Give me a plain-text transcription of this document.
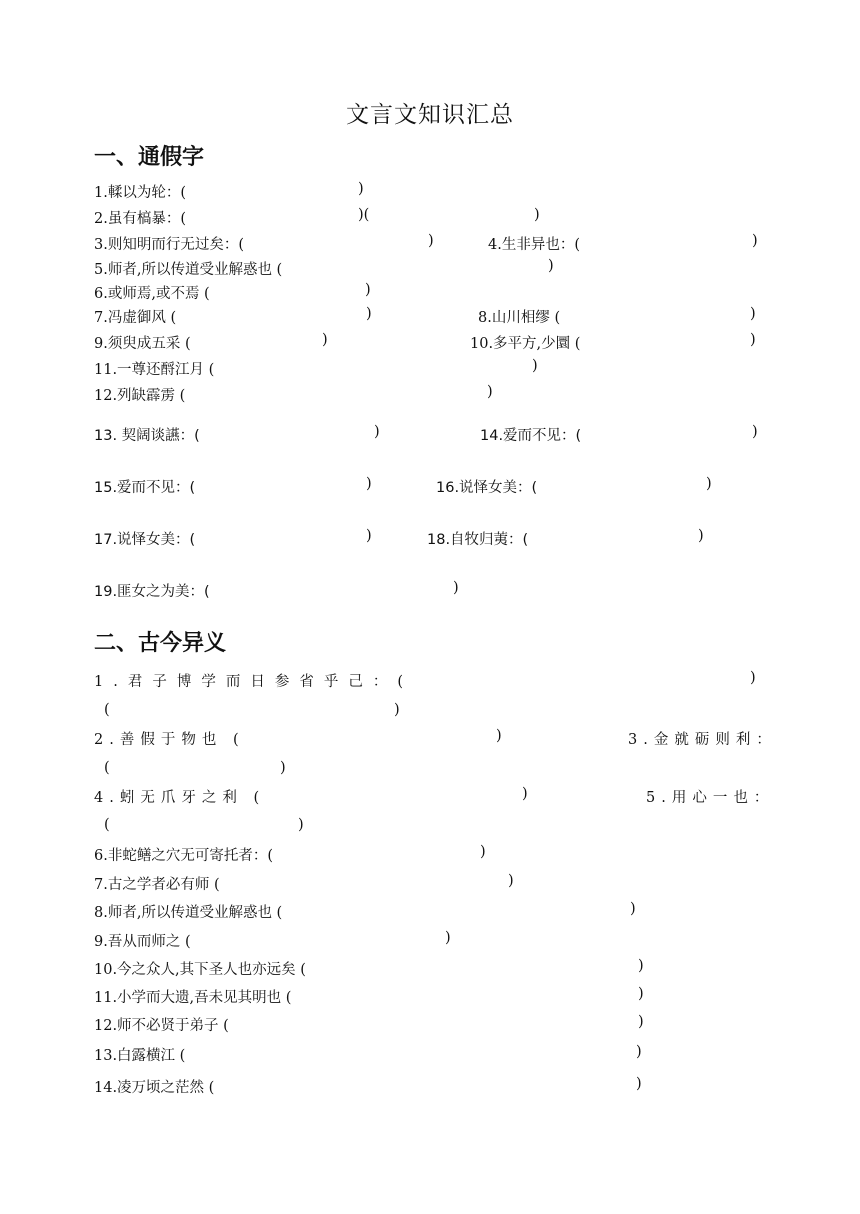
文言文知识汇总
一、通假字
1.輮以为轮：(	)
2.虽有槁暴：(	)(	)
3.则知明而行无过矣：(	)	4.生非异也：(	)
5.师者,所以传道受业解惑也 (	)
6.或师焉,或不焉 (	)
7.冯虚御风 (	)	8.山川相缪 (	)
9.须臾成五采 (	)	10.多平方,少圜 (	)
11.一尊还酹江月 (	)
12.列缺霹雳 (	)
13. 契阔谈讌：(	)	14.爱而不见：(	)
15.爱而不见：(	)	16.说怿女美：(	)
17.说怿女美：(	)	18.自牧归荑：(	)
19.匪女之为美：(	)
二、古今异义
1.君子博学而日参省乎己：(	)
(	)
2.善假于物也 (	)	3.金就砺则利：
(	)
4.蚓无爪牙之利 (	)	5.用心一也：
(	)
6.非蛇鳝之穴无可寄托者：(	)
7.古之学者必有师 (	)
8.师者,所以传道受业解惑也 (	)
9.吾从而师之 (	)
10.今之众人,其下圣人也亦远矣 (	)
11.小学而大遗,吾未见其明也 (	)
12.师不必贤于弟子 (	)
13.白露横江 (	)
14.凌万顷之茫然 (	)
